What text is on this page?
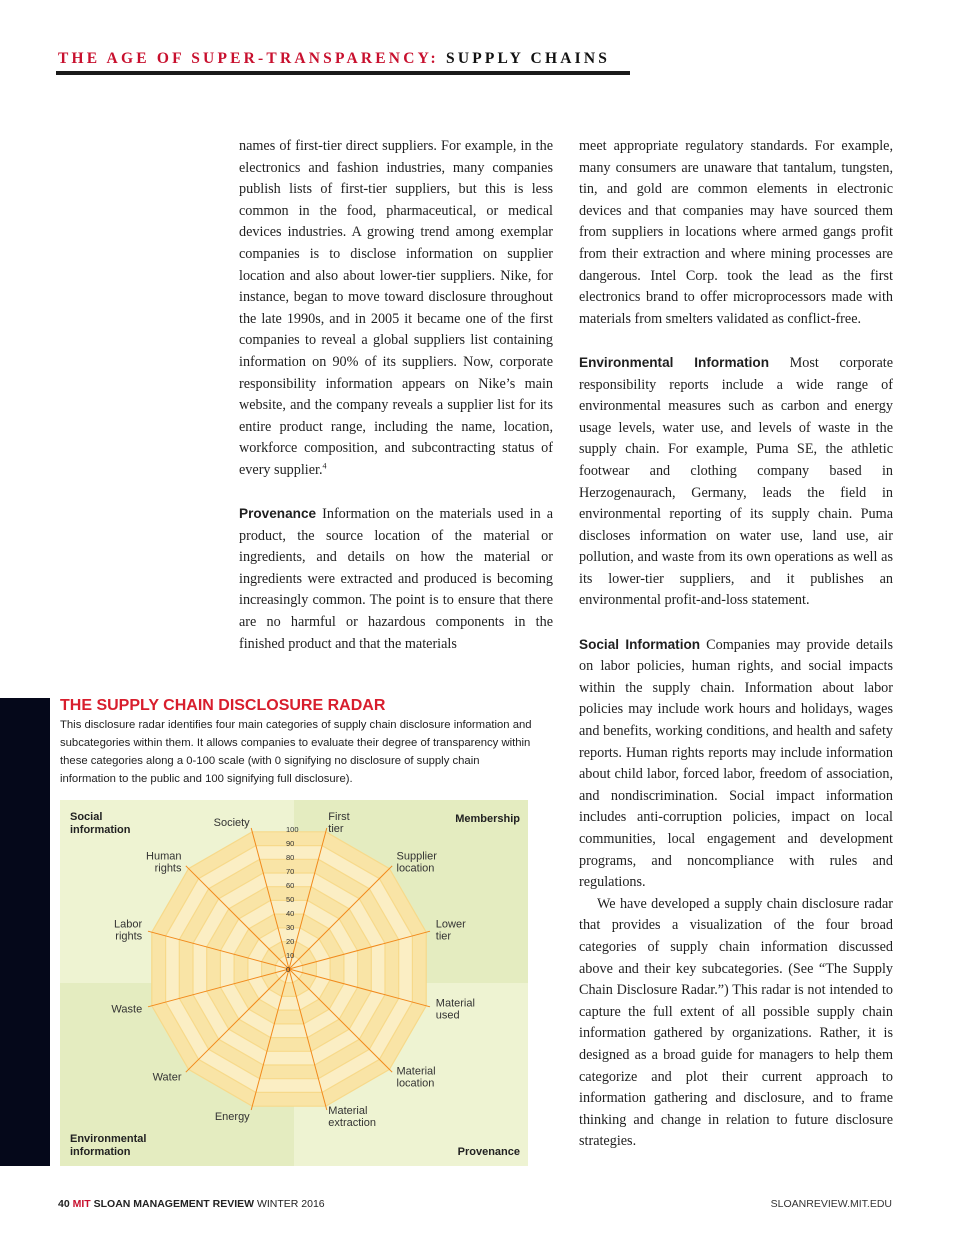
THE AGE OF SUPER-TRANSPARENCY: SUPPLY CHAINS

names of first-tier direct suppliers. For example, in the electronics and fashion industries, many companies publish lists of first-tier suppliers, but this is less common in the food, pharmaceutical, or medical devices industries. A growing trend among exemplar companies is to disclose information on supplier location and also about lower-tier suppliers. Nike, for instance, began to move toward disclosure throughout the late 1990s, and in 2005 it became one of the first companies to reveal a global suppliers list containing information on 90% of its suppliers. Now, corporate responsibility information appears on Nike’s main website, and the company reveals a supplier list for its entire product range, including the name, location, workforce composition, and subcontracting status of every supplier.$^4$

Provenance Information on the materials used in a product, the source location of the material or ingredients, and details on how the material or ingredients were extracted and produced is becoming increasingly common. The point is to ensure that there are no harmful or hazardous components in the finished product and that the materials

meet appropriate regulatory standards. For example, many consumers are unaware that tantalum, tungsten, tin, and gold are common elements in electronic devices and that companies may have sourced them from suppliers in locations where armed gangs profit from their extraction and where mining processes are dangerous. Intel Corp. took the lead as the first electronics brand to offer microprocessors made with materials from smelters validated as conflict-free.

Environmental Information Most corporate responsibility reports include a wide range of environmental measures such as carbon and energy usage levels, water use, and levels of waste in the supply chain. For example, Puma SE, the athletic footwear and clothing company based in Herzogenaurach, Germany, leads the field in environmental reporting of its supply chain. Puma discloses information on water use, land use, air pollution, and waste from its own operations as well as its lower-tier suppliers, and it publishes an environmental profit-and-loss statement.

Social Information Companies may provide details on labor policies, human rights, and social impacts within the supply chain. Information about labor policies may include work hours and holidays, wages and benefits, working conditions, and health and safety reports. Human rights reports may include information about child labor, forced labor, freedom of association, and nondiscrimination. Social impact information includes anti-corruption policies, impact on local communities, local engagement and development programs, and noncompliance with rules and regulations.

We have developed a supply chain disclosure radar that provides a visualization of the four broad categories of supply chain information discussed above and their key subcategories. (See “The Supply Chain Disclosure Radar.”) This radar is not intended to capture the full extent of all possible supply chain information gathered by organizations. Rather, it is designed as a broad guide for managers to help them categorize and plot their current approach to information gathering and disclosure, and to frame thinking and change in relation to future disclosure strategies.

THE SUPPLY CHAIN DISCLOSURE RADAR
This disclosure radar identifies four main categories of supply chain disclosure information and subcategories within them. It allows companies to evaluate their degree of transparency within these categories along a 0-100 scale (with 0 signifying no disclosure of supply chain information to the public and 100 signifying full disclosure).
0
10
20
30
40
50
60
70
80
90
100
First tier
Supplier location
Lower tier
Material used
Material location
Material extraction
Energy
Water
Waste
Labor rights
Human rights
Society
Social
information
Membership
Environmental
information	Provenance
40 MIT SLOAN MANAGEMENT REVIEW WINTER 2016	SLOANREVIEW.MIT.EDU
